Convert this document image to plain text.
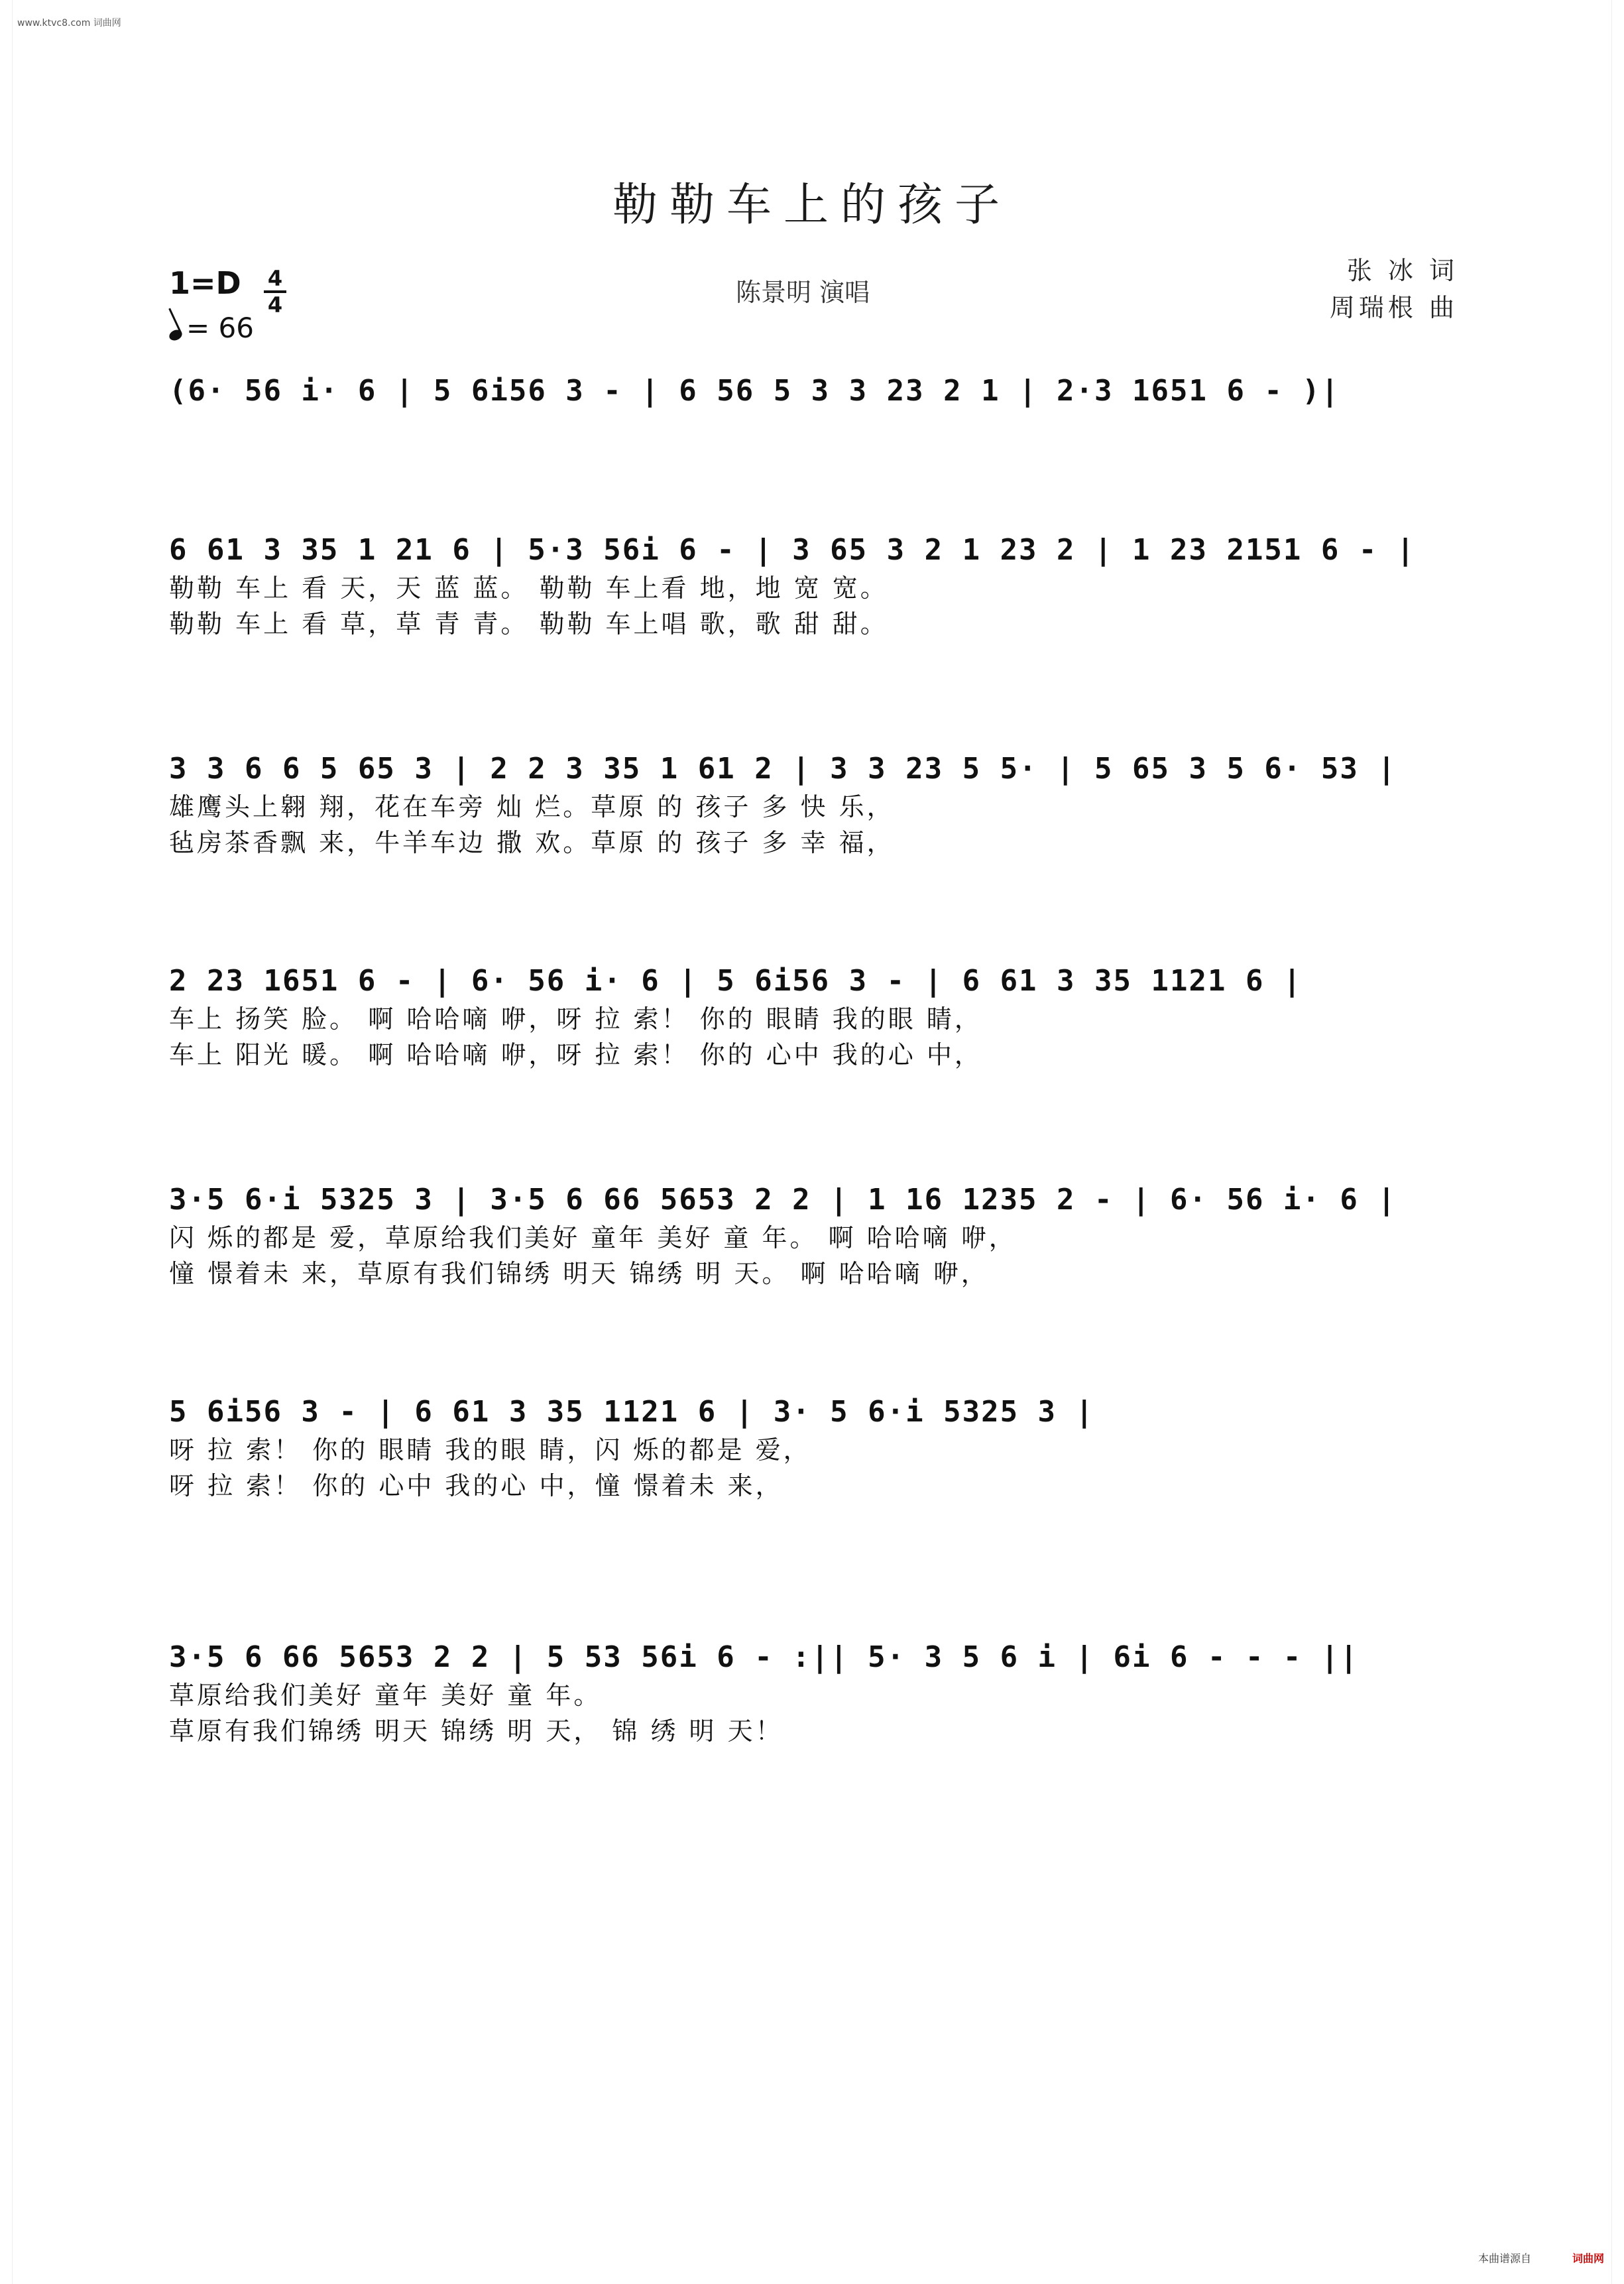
www.ktvc8.com 词曲网
勒勒车上的孩子
1=D 4
4
= 66
陈景明 演唱
张 冰 词
周瑞根 曲
(6· 56 i· 6 | 5 6i56 3 - | 6 56 5 3 3 23 2 1 | 2·3 1651 6 - )|
6 61 3 35 1 21 6 | 5·3 56i 6 - | 3 65 3 2 1 23 2 | 1 23 2151 6 - |
勒勒 车上 看 天，天 蓝 蓝。 勒勒 车上看 地，地 宽 宽。
勒勒 车上 看 草，草 青 青。 勒勒 车上唱 歌，歌 甜 甜。
3 3 6 6 5 65 3 | 2 2 3 35 1 61 2 | 3 3 23 5 5· | 5 65 3 5 6· 53 |
雄鹰头上翱 翔，花在车旁 灿 烂。草原 的 孩子 多 快 乐，
毡房茶香飘 来，牛羊车边 撒 欢。草原 的 孩子 多 幸 福，
2 23 1651 6 - | 6· 56 i· 6 | 5 6i56 3 - | 6 61 3 35 1121 6 |
车上 扬笑 脸。 啊 哈哈嘀 咿，呀 拉 索！ 你的 眼睛 我的眼 睛，
车上 阳光 暖。 啊 哈哈嘀 咿，呀 拉 索！ 你的 心中 我的心 中，
3·5 6·i 5325 3 | 3·5 6 66 5653 2 2 | 1 16 1235 2 - | 6· 56 i· 6 |
闪 烁的都是 爱，草原给我们美好 童年 美好 童 年。 啊 哈哈嘀 咿，
憧 憬着未 来，草原有我们锦绣 明天 锦绣 明 天。 啊 哈哈嘀 咿，
5 6i56 3 - | 6 61 3 35 1121 6 | 3· 5 6·i 5325 3 |
呀 拉 索！ 你的 眼睛 我的眼 睛，闪 烁的都是 爱，
呀 拉 索！ 你的 心中 我的心 中，憧 憬着未 来，
3·5 6 66 5653 2 2 | 5 53 56i 6 - :|| 5· 3 5 6 i | 6i 6 - - - ||
草原给我们美好 童年 美好 童 年。
草原有我们锦绣 明天 锦绣 明 天， 锦 绣 明 天！
本曲谱源自	词曲网
